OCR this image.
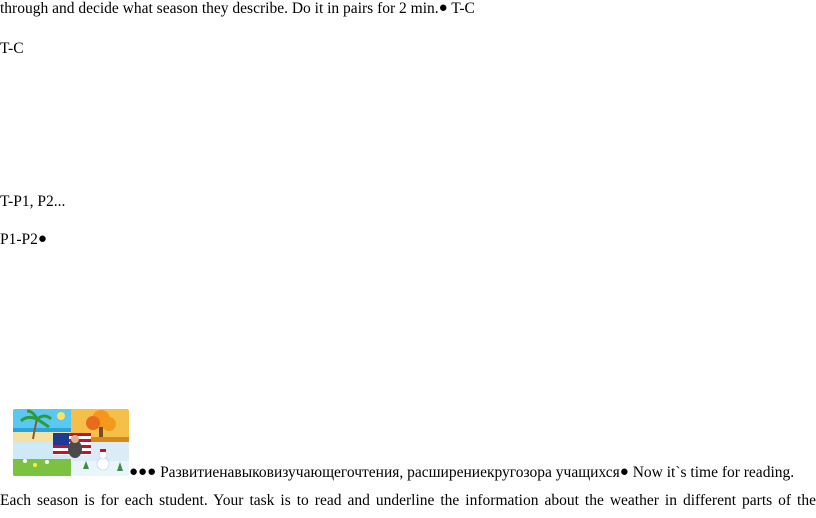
through and decide what season they describe. Do it in pairs for 2 min.● T-C
T-C
T-P1, P2...
P1-P2●
●●● Развитиенавыковизучающегочтения, расширениекругозора учащихся● Now it`s time for reading.
Each season is for each student. Your task is to read and underline the information about the weather in different parts of the
